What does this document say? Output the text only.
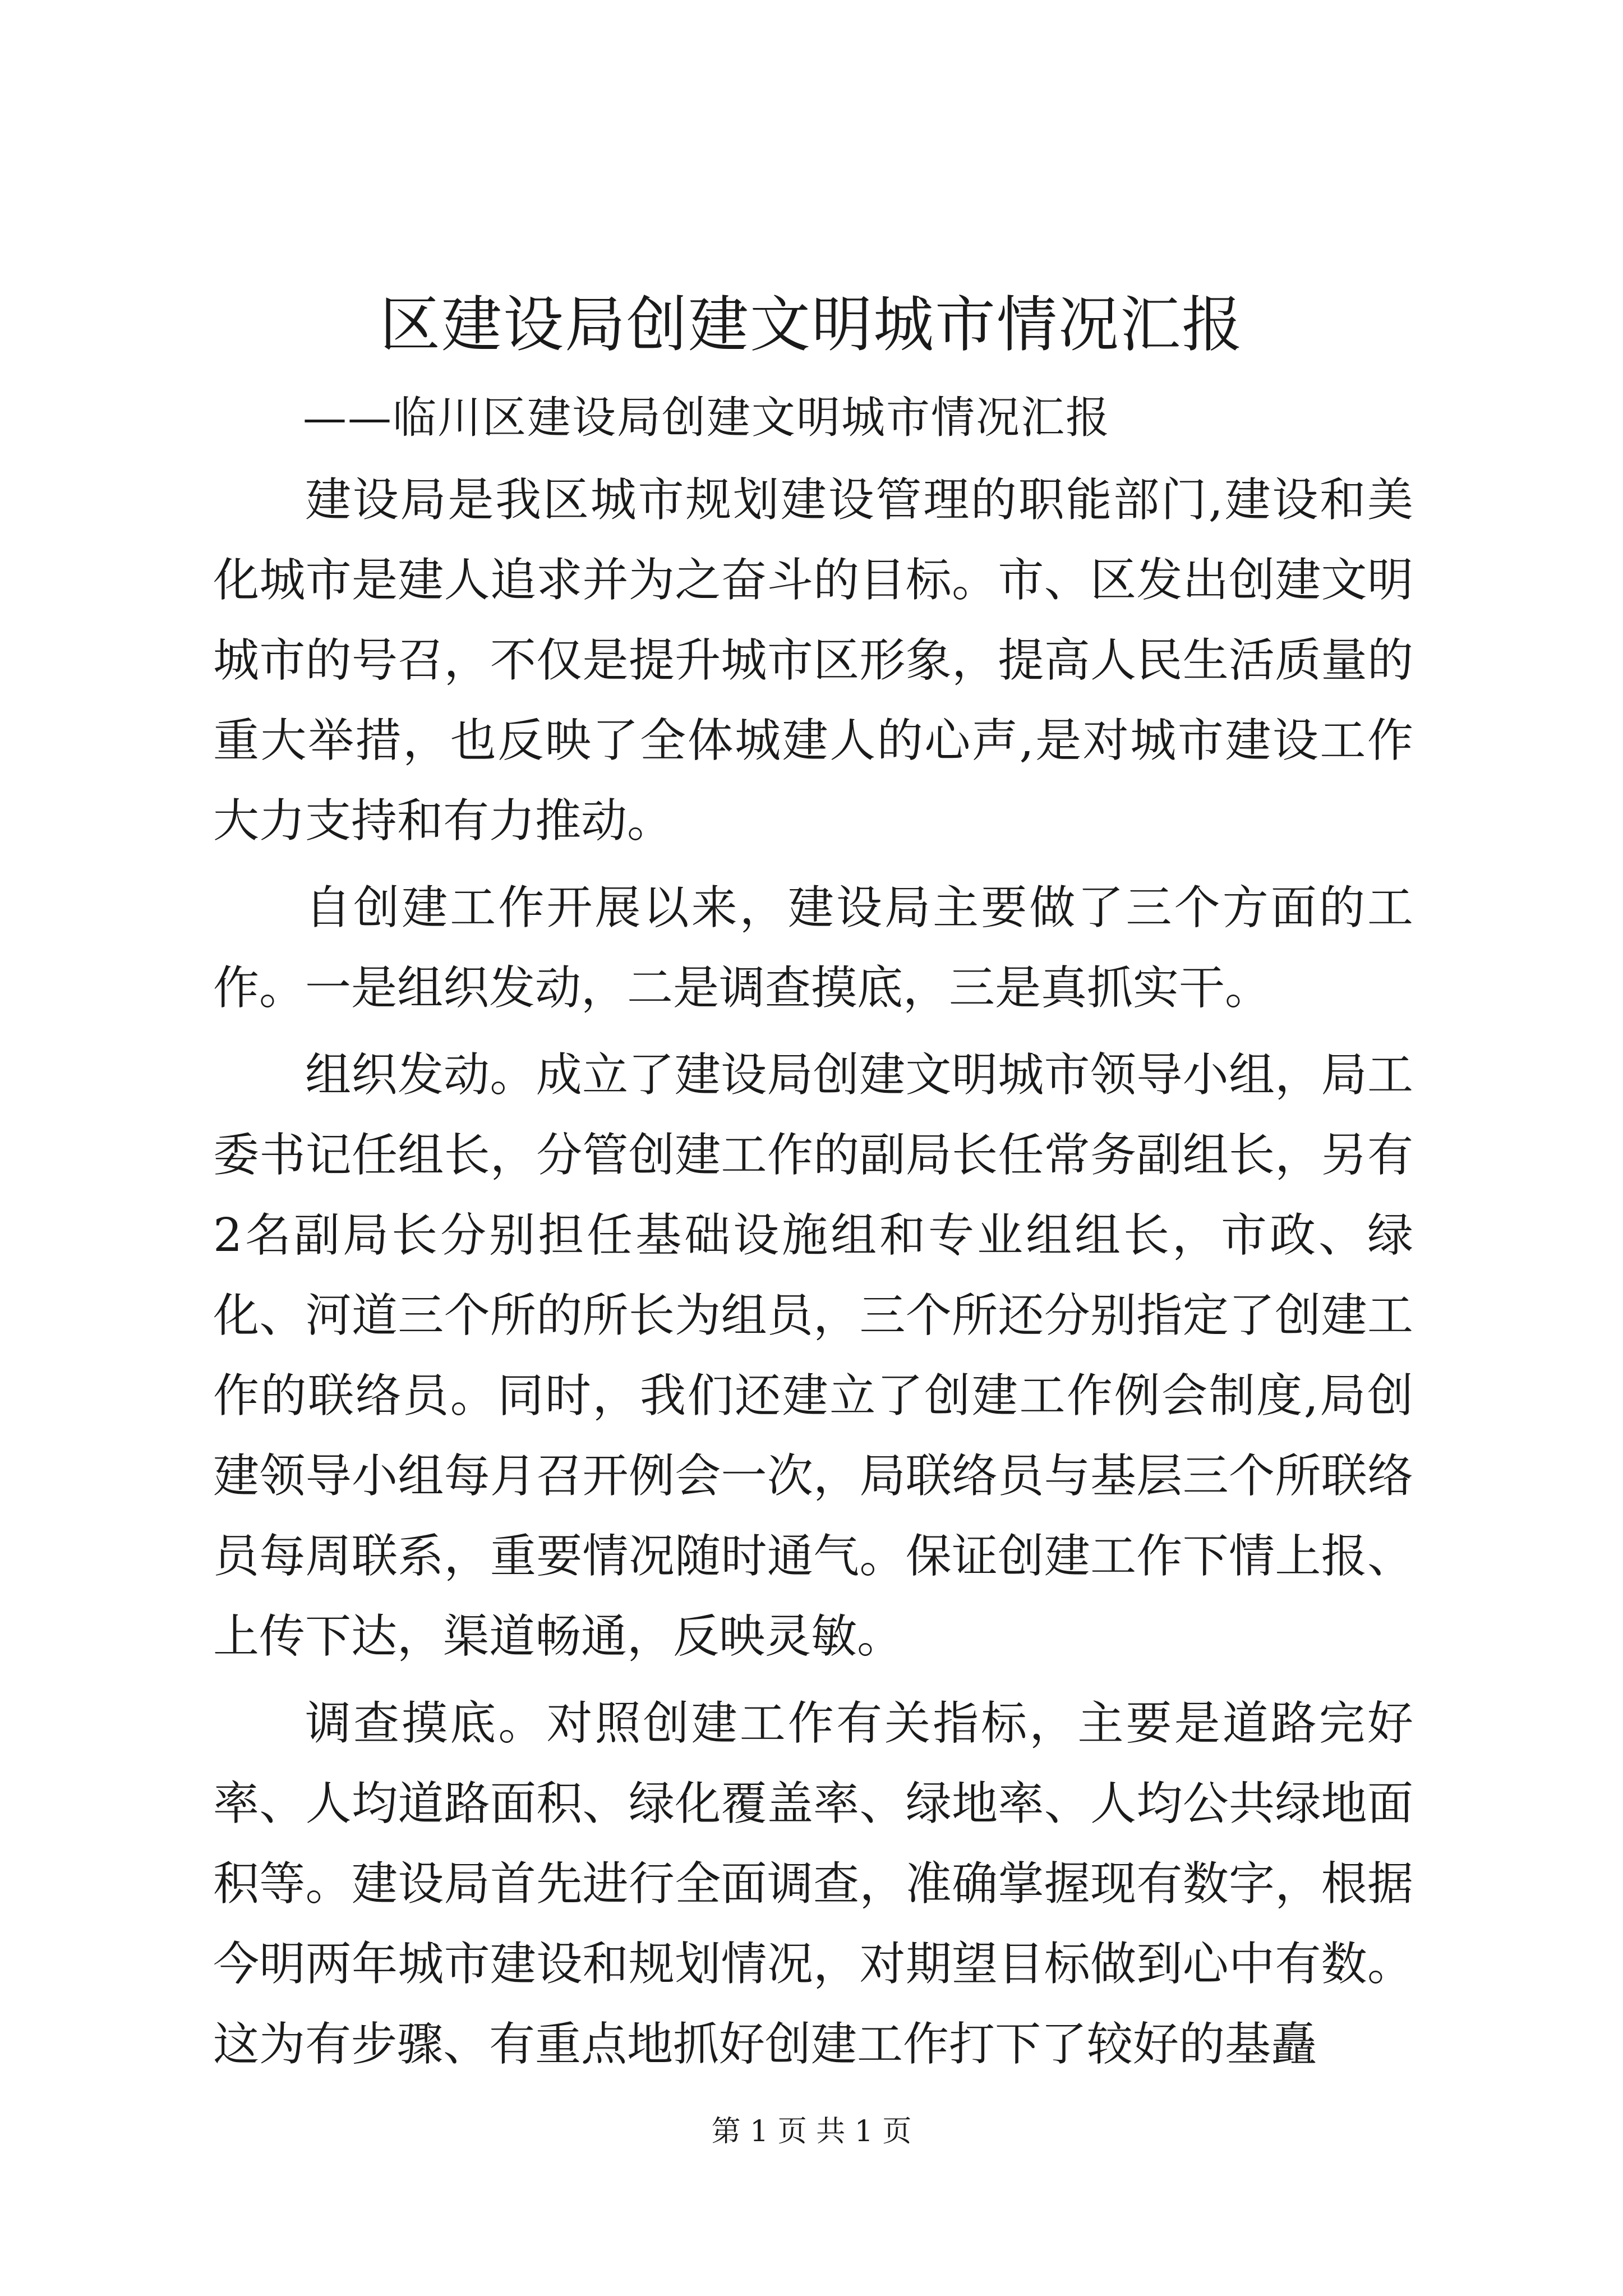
区建设局创建文明城市情况汇报

——临川区建设局创建文明城市情况汇报

建设局是我区城市规划建设管理的职能部门,建设和美化城市是建人追求并为之奋斗的目标。市、区发出创建文明城市的号召，不仅是提升城市区形象，提高人民生活质量的重大举措，也反映了全体城建人的心声,是对城市建设工作大力支持和有力推动。

自创建工作开展以来，建设局主要做了三个方面的工作。一是组织发动，二是调查摸底，三是真抓实干。

组织发动。成立了建设局创建文明城市领导小组，局工委书记任组长，分管创建工作的副局长任常务副组长，另有2名副局长分别担任基础设施组和专业组组长，市政、绿化、河道三个所的所长为组员，三个所还分别指定了创建工作的联络员。同时，我们还建立了创建工作例会制度,局创建领导小组每月召开例会一次，局联络员与基层三个所联络员每周联系，重要情况随时通气。保证创建工作下情上报、上传下达，渠道畅通，反映灵敏。

调查摸底。对照创建工作有关指标，主要是道路完好率、人均道路面积、绿化覆盖率、绿地率、人均公共绿地面积等。建设局首先进行全面调查，准确掌握现有数字，根据今明两年城市建设和规划情况，对期望目标做到心中有数。这为有步骤、有重点地抓好创建工作打下了较好的基矗

第 1 页 共 1 页
